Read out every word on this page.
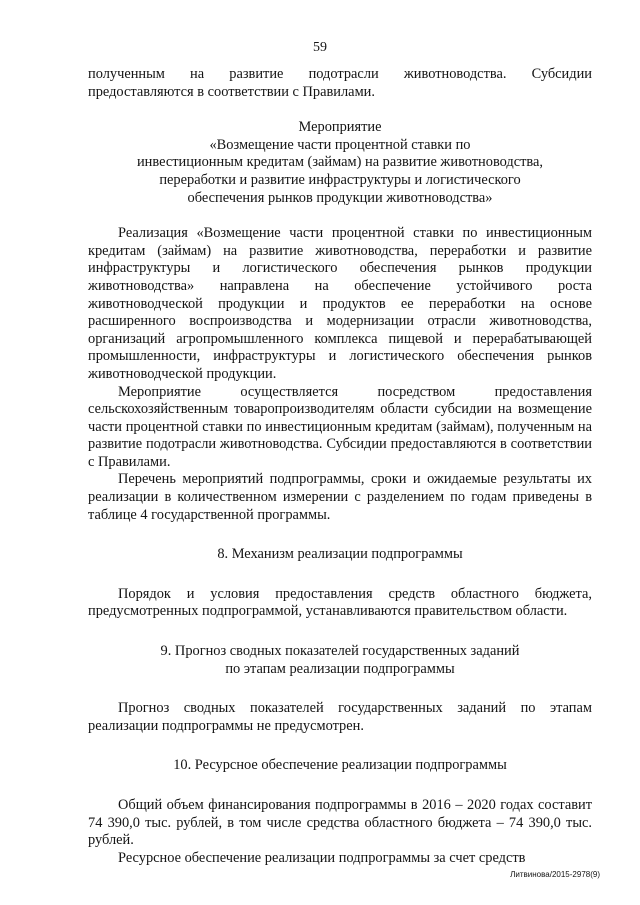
59

полученным на развитие подотрасли животноводства. Субсидии предоставляются в соответствии с Правилами.

Мероприятие

«Возмещение части процентной ставки по

инвестиционным кредитам (займам) на развитие животноводства,

переработки и развитие инфраструктуры и логистического

обеспечения рынков продукции животноводства»

Реализация «Возмещение части процентной ставки по инвестиционным кредитам (займам) на развитие животноводства, переработки и развитие инфраструктуры и логистического обеспечения рынков продукции животноводства» направлена на обеспечение устойчивого роста животноводческой продукции и продуктов ее переработки на основе расширенного воспроизводства и модернизации отрасли животноводства, организаций агропромышленного комплекса пищевой и перерабатывающей промышленности, инфраструктуры и логистического обеспечения рынков животноводческой продукции.

Мероприятие осуществляется посредством предоставления сельскохозяйственным товаропроизводителям области субсидии на возмещение части процентной ставки по инвестиционным кредитам (займам), полученным на развитие подотрасли животноводства. Субсидии предоставляются в соответствии с Правилами.

Перечень мероприятий подпрограммы, сроки и ожидаемые результаты их реализации в количественном измерении с разделением по годам приведены в таблице 4 государственной программы.

8. Механизм реализации подпрограммы

Порядок и условия предоставления средств областного бюджета, предусмотренных подпрограммой, устанавливаются правительством области.

9. Прогноз сводных показателей государственных заданий

по этапам реализации подпрограммы

Прогноз сводных показателей государственных заданий по этапам реализации подпрограммы не предусмотрен.

10. Ресурсное обеспечение реализации подпрограммы

Общий объем финансирования подпрограммы в 2016 – 2020 годах составит 74 390,0 тыс. рублей, в том числе средства областного бюджета – 74 390,0 тыс. рублей.

Ресурсное обеспечение реализации подпрограммы за счет средств

Литвинова/2015-2978(9)
